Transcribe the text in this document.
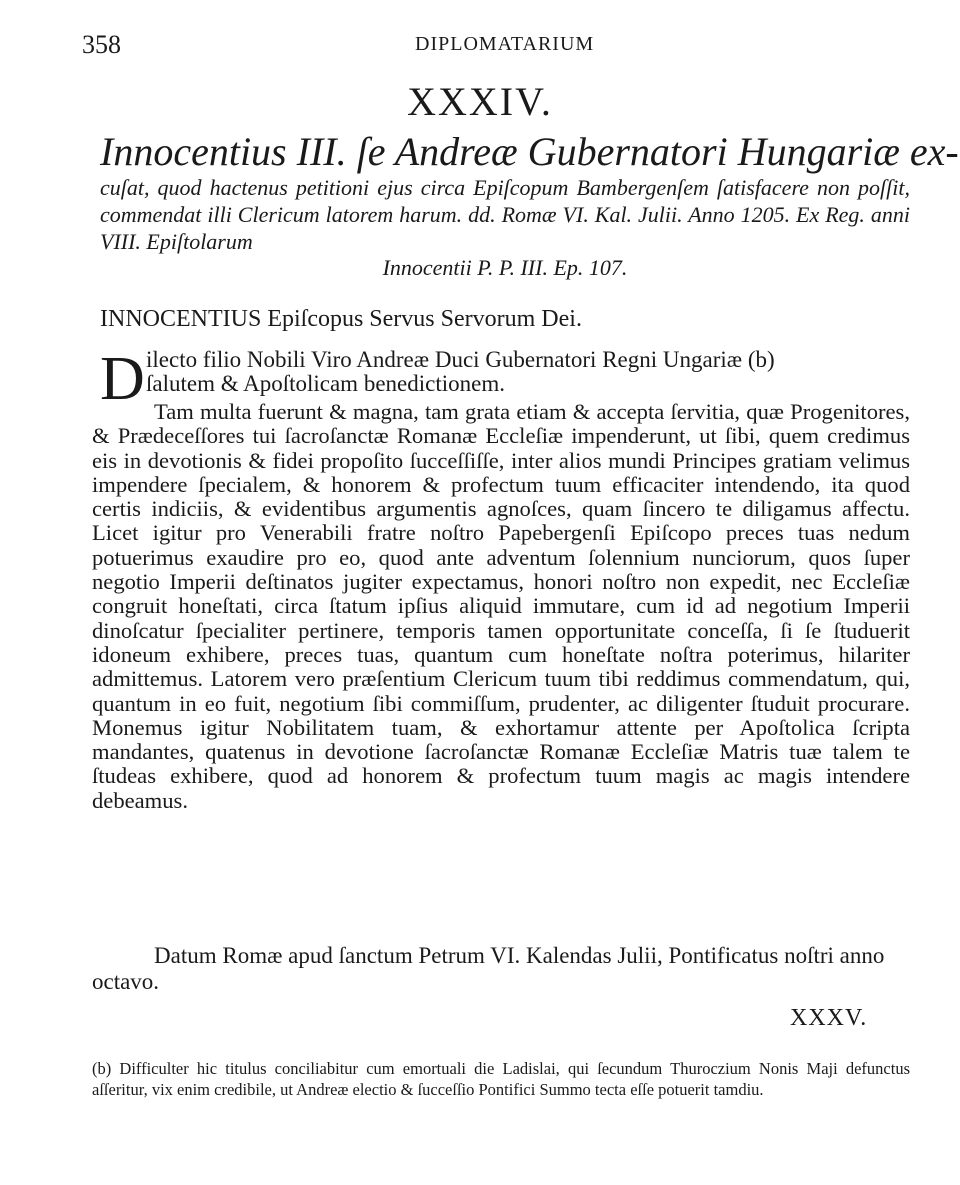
358	DIPLOMATARIUM
XXXIV.
Innocentius III. ſe Andreæ Gubernatori Hungariæ ex-
cuſat, quod hactenus petitioni ejus circa Epiſcopum Bambergenſem ſatisfacere non poſſit, commendat illi Clericum latorem harum. dd. Romæ VI. Kal. Julii. Anno 1205. Ex Reg. anni VIII. Epiſtolarum
Innocentii P. P. III. Ep. 107.
INNOCENTIUS Epiſcopus Servus Servorum Dei.
D ilecto filio Nobili Viro Andreæ Duci Gubernatori Regni Ungariæ (b)
ſalutem & Apoſtolicam benedictionem.

Tam multa fuerunt & magna, tam grata etiam & accepta ſervitia, quæ Progenitores, & Prædeceſſores tui ſacroſanctæ Romanæ Eccleſiæ impenderunt, ut ſibi, quem credimus eis in devotionis & fidei propoſito ſucceſſiſſe, inter alios mundi Principes gratiam velimus impendere ſpecialem, & honorem & profectum tuum efficaciter intendendo, ita quod certis indiciis, & evidentibus argumentis agnoſces, quam ſincero te diligamus affectu. Licet igitur pro Venerabili fratre noſtro Papebergenſi Epiſcopo preces tuas nedum potuerimus exaudire pro eo, quod ante adventum ſolennium nunciorum, quos ſuper negotio Imperii deſtinatos jugiter expectamus, honori noſtro non expedit, nec Eccleſiæ congruit honeſtati, circa ſtatum ipſius aliquid immutare, cum id ad negotium Imperii dinoſcatur ſpecialiter pertinere, temporis tamen opportunitate conceſſa, ſi ſe ſtuduerit idoneum exhibere, preces tuas, quantum cum honeſtate noſtra poterimus, hilariter admittemus. Latorem vero præſentium Clericum tuum tibi reddimus commendatum, qui, quantum in eo fuit, negotium ſibi commiſſum, prudenter, ac diligenter ſtuduit procurare. Monemus igitur Nobilitatem tuam, & exhortamur attente per Apoſtolica ſcripta mandantes, quatenus in devotione ſacroſanctæ Romanæ Eccleſiæ Matris tuæ talem te ſtudeas exhibere, quod ad honorem & profectum tuum magis ac magis intendere debeamus.

Datum Romæ apud ſanctum Petrum VI. Kalendas Julii, Pontificatus noſtri anno octavo.
XXXV.
(b) Difficulter hic titulus conciliabitur cum emortuali die Ladislai, qui ſecundum Thuroczium Nonis Maji defunctus aſſeritur, vix enim credibile, ut Andreæ electio & ſucceſſio Pontifici Summo tecta eſſe potuerit tamdiu.
